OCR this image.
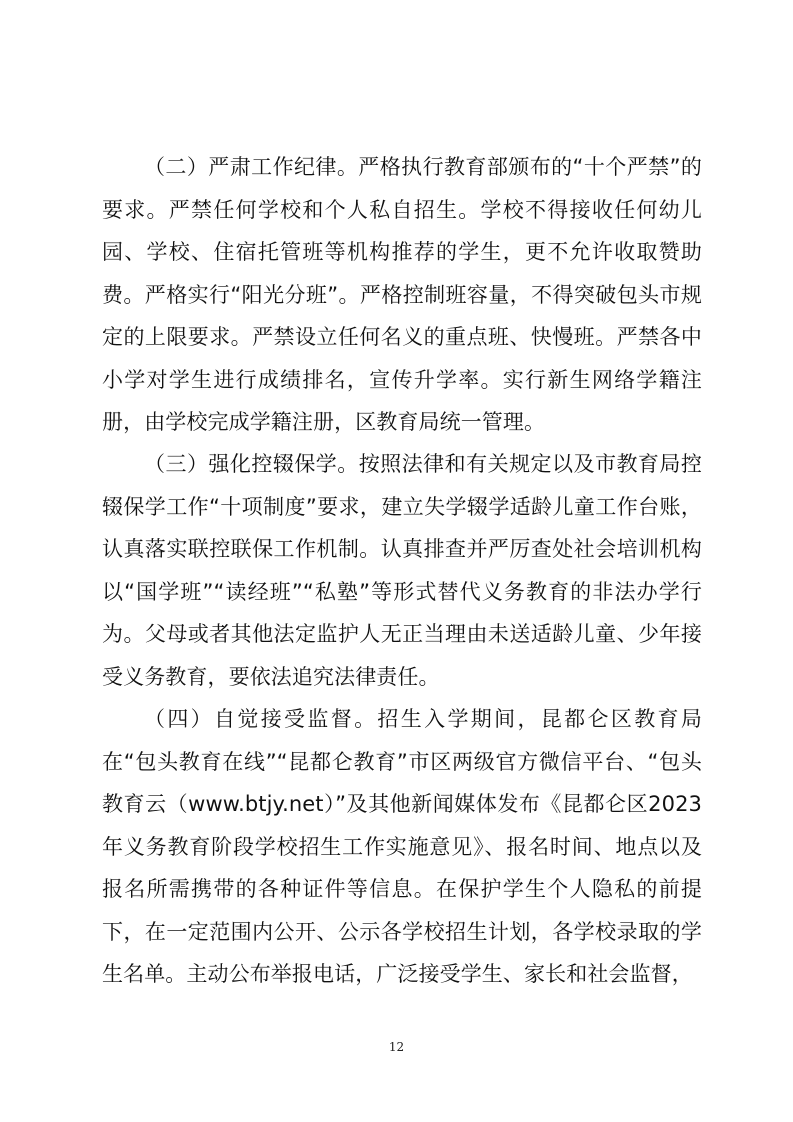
（二）严肃工作纪律。严格执行教育部颁布的“十个严禁”的要求。严禁任何学校和个人私自招生。学校不得接收任何幼儿园、学校、住宿托管班等机构推荐的学生，更不允许收取赞助费。严格实行“阳光分班”。严格控制班容量，不得突破包头市规定的上限要求。严禁设立任何名义的重点班、快慢班。严禁各中小学对学生进行成绩排名，宣传升学率。实行新生网络学籍注册，由学校完成学籍注册，区教育局统一管理。

（三）强化控辍保学。按照法律和有关规定以及市教育局控辍保学工作“十项制度”要求，建立失学辍学适龄儿童工作台账，认真落实联控联保工作机制。认真排查并严厉查处社会培训机构以“国学班”“读经班”“私塾”等形式替代义务教育的非法办学行为。父母或者其他法定监护人无正当理由未送适龄儿童、少年接受义务教育，要依法追究法律责任。

（四）自觉接受监督。招生入学期间，昆都仑区教育局在“包头教育在线”“昆都仑教育”市区两级官方微信平台、“包头教育云（www.btjy.net）”及其他新闻媒体发布《昆都仑区2023年义务教育阶段学校招生工作实施意见》、报名时间、地点以及报名所需携带的各种证件等信息。在保护学生个人隐私的前提下，在一定范围内公开、公示各学校招生计划，各学校录取的学生名单。主动公布举报电话，广泛接受学生、家长和社会监督，

12
